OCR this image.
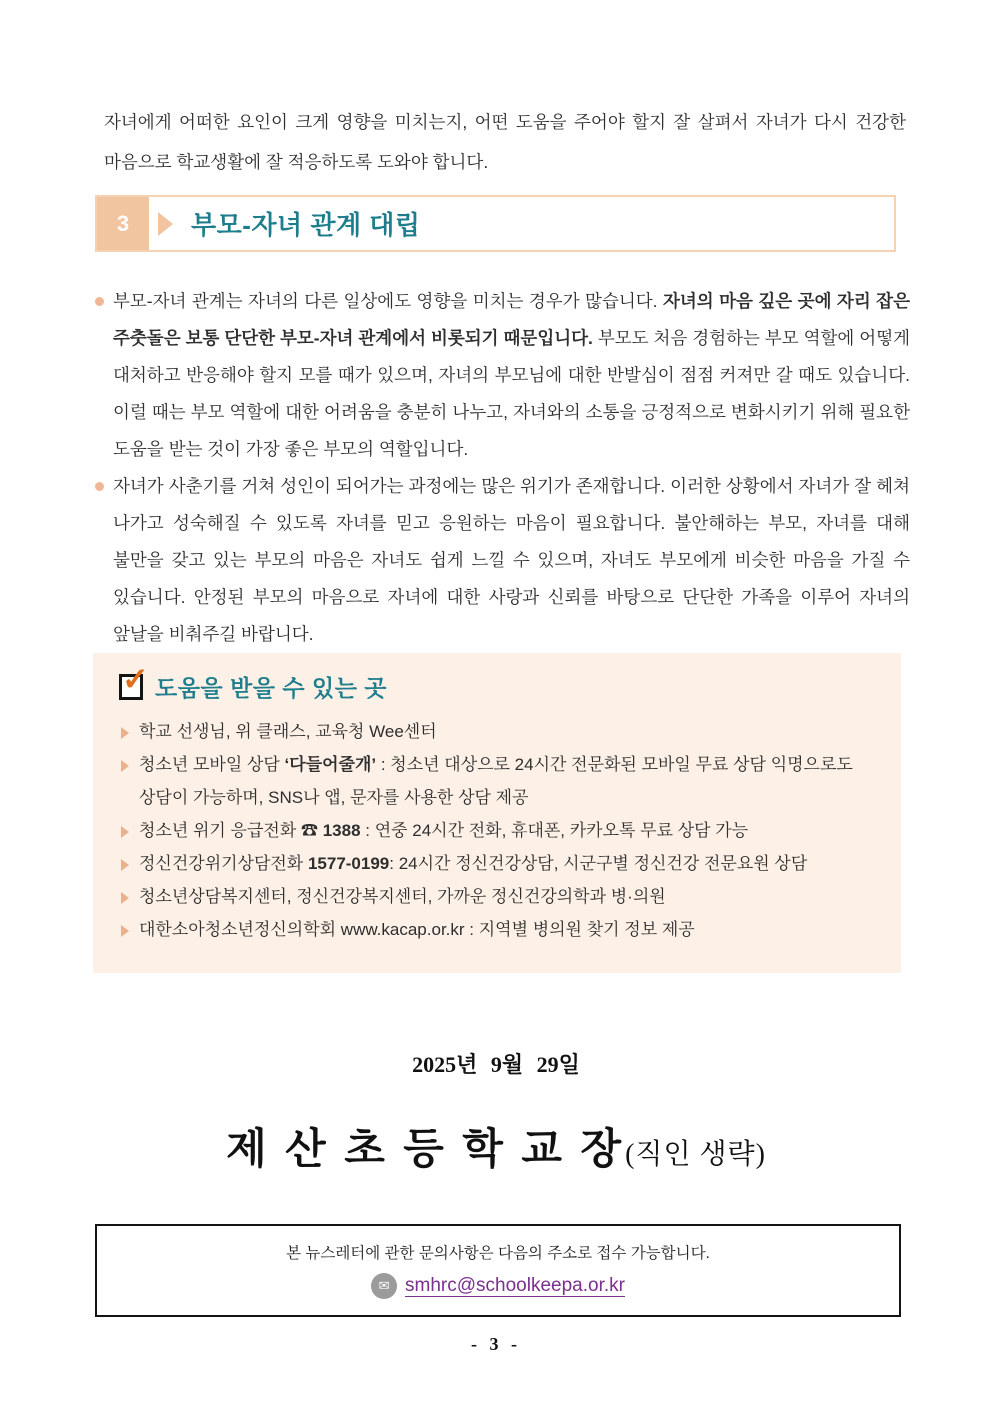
자녀에게 어떠한 요인이 크게 영향을 미치는지, 어떤 도움을 주어야 할지 잘 살펴서 자녀가 다시 건강한 마음으로 학교생활에 잘 적응하도록 도와야 합니다.

3	부모-자녀 관계 대립

부모-자녀 관계는 자녀의 다른 일상에도 영향을 미치는 경우가 많습니다. 자녀의 마음 깊은 곳에 자리 잡은 주춧돌은 보통 단단한 부모-자녀 관계에서 비롯되기 때문입니다. 부모도 처음 경험하는 부모 역할에 어떻게 대처하고 반응해야 할지 모를 때가 있으며, 자녀의 부모님에 대한 반발심이 점점 커져만 갈 때도 있습니다. 이럴 때는 부모 역할에 대한 어려움을 충분히 나누고, 자녀와의 소통을 긍정적으로 변화시키기 위해 필요한 도움을 받는 것이 가장 좋은 부모의 역할입니다.

자녀가 사춘기를 거쳐 성인이 되어가는 과정에는 많은 위기가 존재합니다. 이러한 상황에서 자녀가 잘 헤쳐 나가고 성숙해질 수 있도록 자녀를 믿고 응원하는 마음이 필요합니다. 불안해하는 부모, 자녀를 대해 불만을 갖고 있는 부모의 마음은 자녀도 쉽게 느낄 수 있으며, 자녀도 부모에게 비슷한 마음을 가질 수 있습니다. 안정된 부모의 마음으로 자녀에 대한 사랑과 신뢰를 바탕으로 단단한 가족을 이루어 자녀의 앞날을 비춰주길 바랍니다.

✓ 도움을 받을 수 있는 곳

학교 선생님, 위 클래스, 교육청 Wee센터

청소년 모바일 상담 ‘다들어줄개’ : 청소년 대상으로 24시간 전문화된 모바일 무료 상담 익명으로도 상담이 가능하며, SNS나 앱, 문자를 사용한 상담 제공

청소년 위기 응급전화 ☎ 1388 : 연중 24시간 전화, 휴대폰, 카카오톡 무료 상담 가능

정신건강위기상담전화 1577-0199: 24시간 정신건강상담, 시군구별 정신건강 전문요원 상담

청소년상담복지센터, 정신건강복지센터, 가까운 정신건강의학과 병·의원

대한소아청소년정신의학회 www.kacap.or.kr : 지역별 병의원 찾기 정보 제공

2025년 9월 29일
제 산 초 등 학 교 장(직인 생략)
본 뉴스레터에 관한 문의사항은 다음의 주소로 접수 가능합니다.
✉ smhrc@schoolkeepa.or.kr
- 3 -
